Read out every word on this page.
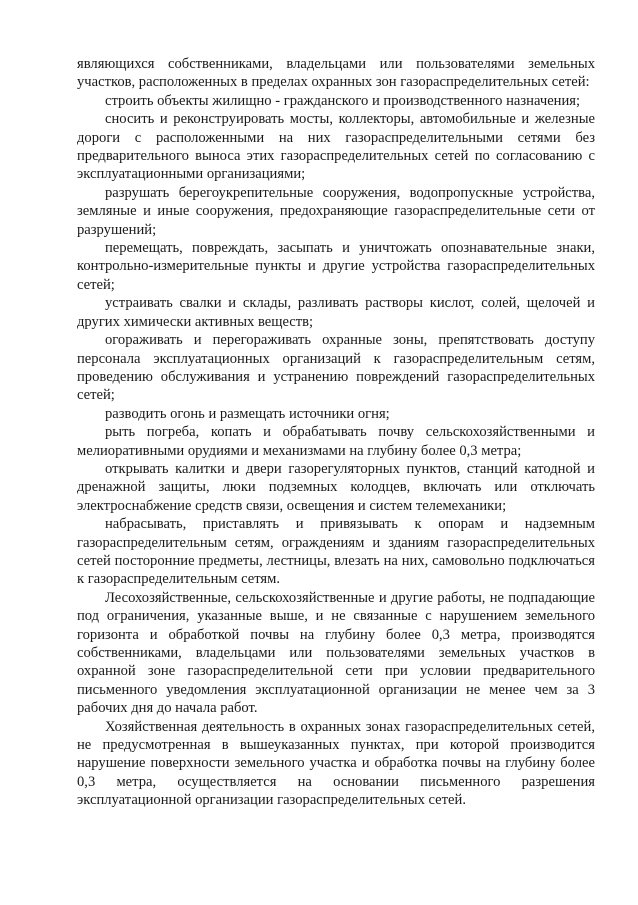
являющихся собственниками, владельцами или пользователями земельных участков, расположенных в пределах охранных зон газораспределительных сетей:

строить объекты жилищно - гражданского и производственного назначения;

сносить и реконструировать мосты, коллекторы, автомобильные и железные дороги с расположенными на них газораспределительными сетями без предварительного выноса этих газораспределительных сетей по согласованию с эксплуатационными организациями;

разрушать берегоукрепительные сооружения, водопропускные устройства, земляные и иные сооружения, предохраняющие газораспределительные сети от разрушений;

перемещать, повреждать, засыпать и уничтожать опознавательные знаки, контрольно-измерительные пункты и другие устройства газораспределительных сетей;

устраивать свалки и склады, разливать растворы кислот, солей, щелочей и других химически активных веществ;

огораживать и перегораживать охранные зоны, препятствовать доступу персонала эксплуатационных организаций к газораспределительным сетям, проведению обслуживания и устранению повреждений газораспределительных сетей;

разводить огонь и размещать источники огня;

рыть погреба, копать и обрабатывать почву сельскохозяйственными и мелиоративными орудиями и механизмами на глубину более 0,3 метра;

открывать калитки и двери газорегуляторных пунктов, станций катодной и дренажной защиты, люки подземных колодцев, включать или отключать электроснабжение средств связи, освещения и систем телемеханики;

набрасывать, приставлять и привязывать к опорам и надземным газораспределительным сетям, ограждениям и зданиям газораспределительных сетей посторонние предметы, лестницы, влезать на них, самовольно подключаться к газораспределительным сетям.

Лесохозяйственные, сельскохозяйственные и другие работы, не подпадающие под ограничения, указанные выше, и не связанные с нарушением земельного горизонта и обработкой почвы на глубину более 0,3 метра, производятся собственниками, владельцами или пользователями земельных участков в охранной зоне газораспределительной сети при условии предварительного письменного уведомления эксплуатационной организации не менее чем за 3 рабочих дня до начала работ.

Хозяйственная деятельность в охранных зонах газораспределительных сетей, не предусмотренная в вышеуказанных пунктах, при которой производится нарушение поверхности земельного участка и обработка почвы на глубину более 0,3 метра, осуществляется на основании письменного разрешения эксплуатационной организации газораспределительных сетей.
